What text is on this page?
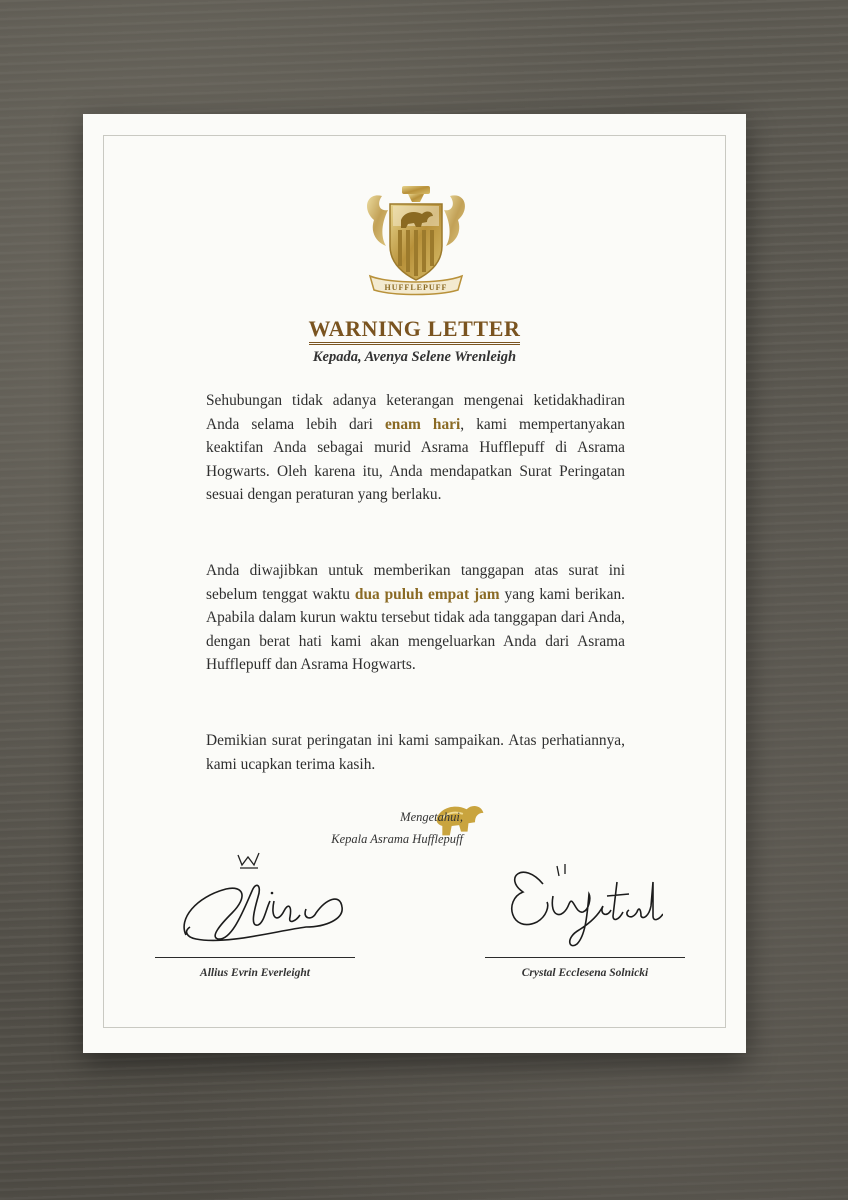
HUFFLEPUFF
WARNING LETTER
Kepada, Avenya Selene Wrenleigh

Sehubungan tidak adanya keterangan mengenai ketidakhadiran Anda selama lebih dari enam hari, kami mempertanyakan keaktifan Anda sebagai murid Asrama Hufflepuff di Asrama Hogwarts. Oleh karena itu, Anda mendapatkan Surat Peringatan sesuai dengan peraturan yang berlaku.

Anda diwajibkan untuk memberikan tanggapan atas surat ini sebelum tenggat waktu dua puluh empat jam yang kami berikan. Apabila dalam kurun waktu tersebut tidak ada tanggapan dari Anda, dengan berat hati kami akan mengeluarkan Anda dari Asrama Hufflepuff dan Asrama Hogwarts.

Demikian surat peringatan ini kami sampaikan. Atas perhatiannya, kami ucapkan terima kasih.

Mengetahui,
Kepala Asrama Hufflepuff
Allius Evrin Everleight	Crystal Ecclesena Solnicki
